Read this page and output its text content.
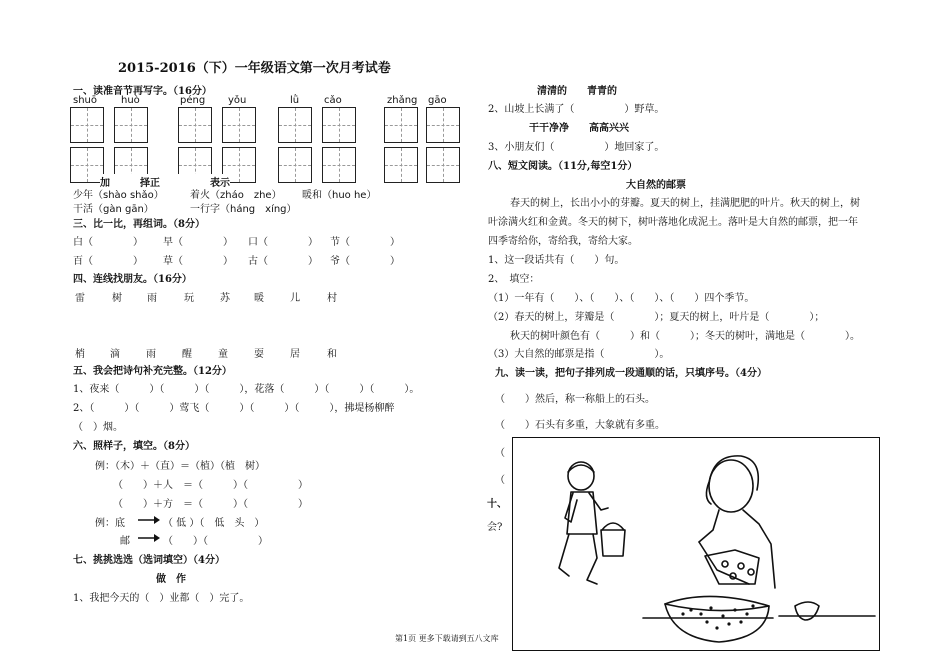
2015-2016（下）一年级语文第一次月考试卷
一、读准音节再写字。（16分）
shuō huò	péng yǒu	lǜ cǎo	zhǎng gāo
加　　　择正　　　　　表示
少年（shào shǎo）	着火（zháo　zhe） 暖和（huo he）
干活（gàn gān）	一行字（háng　xíng）
三、比一比，再组词。（8分）
白（　　　　） 早（　　　　） 口（　　　　） 节（　　　　）
百（　　　　） 草（　　　　） 古（　　　　） 爷（　　　　）
四、连线找朋友。（16分）
雷	树	雨	玩	苏 暖	儿	村
梢	滴	雨	醒	童	耍	居	和
五、我会把诗句补充完整。（12分）
1、夜来（　　　）（　　　）（　　　），花落（　　　）（　　　）（　　　）。
2、（　　　）（　　　）莺飞（　　　）（　　　）（　　　），拂堤杨柳醉
（　）烟。
六、照样子，填空。（8分）
例：（木）＋（直）＝（植）（植　树）
（　　）＋人　＝（　　　）（　　　　　）
（　　）＋方　＝（　　　）（　　　　　）
例：底	（ 低 ）（　低　头　）
邮	（　　）（　　　　　）
七、挑挑选选（选词填空）（4分）
做　作
1、我把今天的（　）业都（　）完了。
清清的　　青青的
2、山坡上长满了（　　　　　）野草。
干干净净　　高高兴兴
3、小朋友们（　　　　　）地回家了。
八、短文阅读。（11分,每空1分）
大自然的邮票
春天的树上，长出小小的芽瓣。夏天的树上，挂满肥肥的叶片。秋天的树上，树
叶涂满火红和金黄。冬天的树下，树叶落地化成泥土。落叶是大自然的邮票，把一年
四季寄给你，寄给我，寄给大家。
1、这一段话共有（　　）句。
2、　填空：
（1）一年有（　　）、（　　）、（　　）、（　　）四个季节。
（2）春天的树上，芽瓣是（　　　　）；夏天的树上，叶片是（　　　　）；
秋天的树叶颜色有（　　　）和（　　　）；冬天的树叶，满地是（　　　　）。
（3）大自然的邮票是指（　　　　　）。
九、读一读，把句子排列成一段通顺的话，只填序号。（4分）
（　　）然后，称一称船上的石头。
（　　）石头有多重，大象就有多重。
（
（
十、
会?
第1页 更多下载请到五八文库
